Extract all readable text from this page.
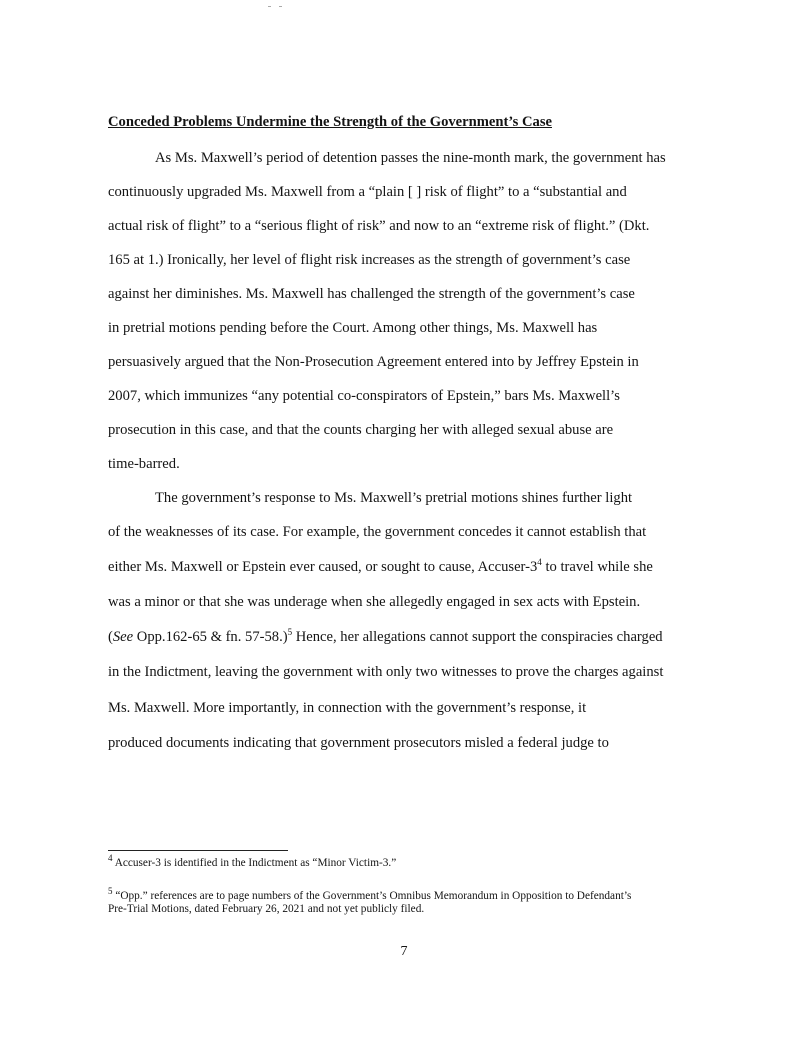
Conceded Problems Undermine the Strength of the Government’s Case

As Ms. Maxwell’s period of detention passes the nine-month mark, the government has

continuously upgraded Ms. Maxwell from a “plain [ ] risk of flight” to a “substantial and

actual risk of flight” to a “serious flight of risk” and now to an “extreme risk of flight.” (Dkt.

165 at 1.) Ironically, her level of flight risk increases as the strength of government’s case

against her diminishes. Ms. Maxwell has challenged the strength of the government’s case

in pretrial motions pending before the Court. Among other things, Ms. Maxwell has

persuasively argued that the Non-Prosecution Agreement entered into by Jeffrey Epstein in

2007, which immunizes “any potential co-conspirators of Epstein,” bars Ms. Maxwell’s

prosecution in this case, and that the counts charging her with alleged sexual abuse are

time-barred.

The government’s response to Ms. Maxwell’s pretrial motions shines further light

of the weaknesses of its case. For example, the government concedes it cannot establish that

either Ms. Maxwell or Epstein ever caused, or sought to cause, Accuser-$3^4$ to travel while she

was a minor or that she was underage when she allegedly engaged in sex acts with Epstein.

(See Opp.162-65 & fn. 57-58.)$^5$ Hence, her allegations cannot support the conspiracies charged

in the Indictment, leaving the government with only two witnesses to prove the charges against

Ms. Maxwell. More importantly, in connection with the government’s response, it

produced documents indicating that government prosecutors misled a federal judge to

$^4$ Accuser-3 is identified in the Indictment as “Minor Victim-3.”

$^5$ “Opp.” references are to page numbers of the Government’s Omnibus Memorandum in Opposition to Defendant’s

Pre-Trial Motions, dated February 26, 2021 and not yet publicly filed.

7
